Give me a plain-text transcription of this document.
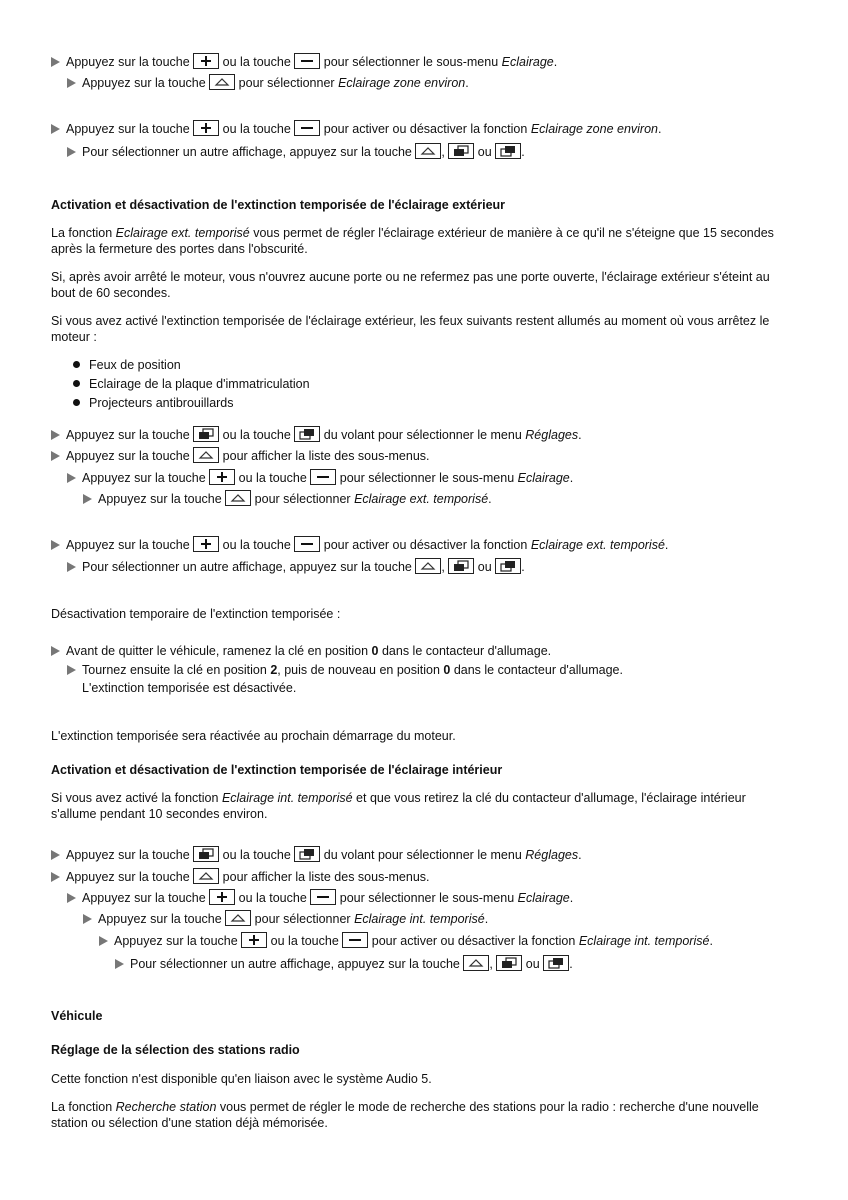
Appuyez sur la touche	ou la touche	pour sélectionner le sous-menu Eclairage.
Appuyez sur la touche	pour sélectionner Eclairage zone environ.
Appuyez sur la touche	ou la touche	pour activer ou désactiver la fonction Eclairage zone environ.
Pour sélectionner un autre affichage, appuyez sur la touche ,	ou .
Activation et désactivation de l'extinction temporisée de l'éclairage extérieur
La fonction Eclairage ext. temporisé vous permet de régler l'éclairage extérieur de manière à ce qu'il ne s'éteigne que 15 secondes
après la fermeture des portes dans l'obscurité.
Si, après avoir arrêté le moteur, vous n'ouvrez aucune porte ou ne refermez pas une porte ouverte, l'éclairage extérieur s'éteint au
bout de 60 secondes.
Si vous avez activé l'extinction temporisée de l'éclairage extérieur, les feux suivants restent allumés au moment où vous arrêtez le
moteur :
Feux de position
Eclairage de la plaque d'immatriculation
Projecteurs antibrouillards
Appuyez sur la touche	ou la touche	du volant pour sélectionner le menu Réglages.
Appuyez sur la touche	pour afficher la liste des sous-menus.
Appuyez sur la touche	ou la touche	pour sélectionner le sous-menu Eclairage.
Appuyez sur la touche	pour sélectionner Eclairage ext. temporisé.
Appuyez sur la touche	ou la touche	pour activer ou désactiver la fonction Eclairage ext. temporisé.
Pour sélectionner un autre affichage, appuyez sur la touche ,	ou .
Désactivation temporaire de l'extinction temporisée :
Avant de quitter le véhicule, ramenez la clé en position 0 dans le contacteur d'allumage.
Tournez ensuite la clé en position 2, puis de nouveau en position 0 dans le contacteur d'allumage.
L'extinction temporisée est désactivée.
L'extinction temporisée sera réactivée au prochain démarrage du moteur.
Activation et désactivation de l'extinction temporisée de l'éclairage intérieur
Si vous avez activé la fonction Eclairage int. temporisé et que vous retirez la clé du contacteur d'allumage, l'éclairage intérieur
s'allume pendant 10 secondes environ.
Appuyez sur la touche	ou la touche	du volant pour sélectionner le menu Réglages.
Appuyez sur la touche	pour afficher la liste des sous-menus.
Appuyez sur la touche	ou la touche	pour sélectionner le sous-menu Eclairage.
Appuyez sur la touche	pour sélectionner Eclairage int. temporisé.
Appuyez sur la touche	ou la touche	pour activer ou désactiver la fonction Eclairage int. temporisé.
Pour sélectionner un autre affichage, appuyez sur la touche ,	ou .
Véhicule
Réglage de la sélection des stations radio
Cette fonction n'est disponible qu'en liaison avec le système Audio 5.
La fonction Recherche station vous permet de régler le mode de recherche des stations pour la radio : recherche d'une nouvelle
station ou sélection d'une station déjà mémorisée.
